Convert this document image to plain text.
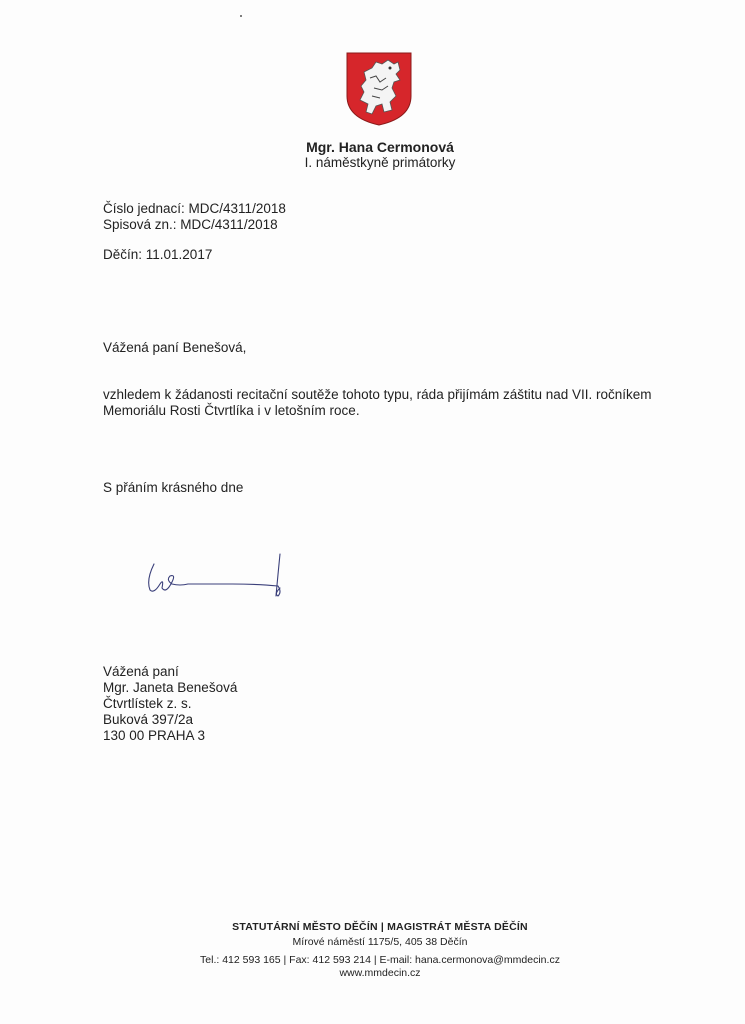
Mgr. Hana Cermonová
I. náměstkyně primátorky
Číslo jednací: MDC/4311/2018
Spisová zn.: MDC/4311/2018
Děčín: 11.01.2017
Vážená paní Benešová,
vzhledem k žádanosti recitační soutěže tohoto typu, ráda přijímám záštitu nad VII. ročníkem
Memoriálu Rosti Čtvrtlíka i v letošním roce.
S přáním krásného dne
Vážená paní
Mgr. Janeta Benešová
Čtvrtlístek z. s.
Buková 397/2a
130 00 PRAHA 3
STATUTÁRNÍ MĚSTO DĚČÍN | MAGISTRÁT MĚSTA DĚČÍN
Mírové náměstí 1175/5, 405 38 Děčín
Tel.: 412 593 165 | Fax: 412 593 214 | E-mail: hana.cermonova@mmdecin.cz
www.mmdecin.cz
